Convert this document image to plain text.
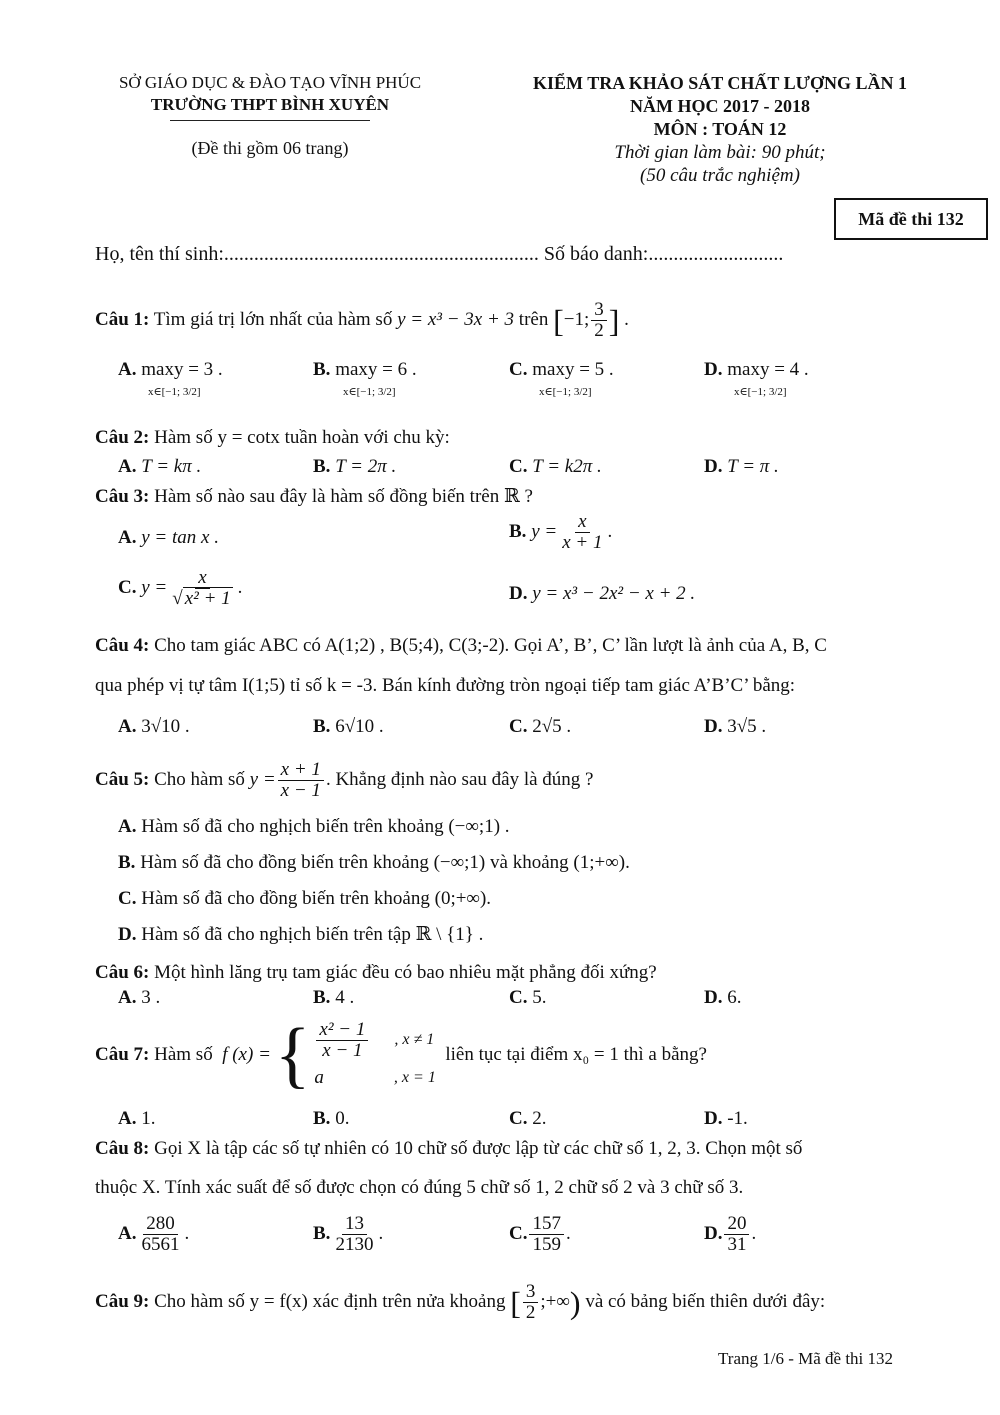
SỞ GIÁO DỤC & ĐÀO TẠO VĨNH PHÚC
TRƯỜNG THPT BÌNH XUYÊN
(Đề thi gồm 06 trang)
KIỂM TRA KHẢO SÁT CHẤT LƯỢNG LẦN 1
NĂM HỌC 2017 - 2018
MÔN : TOÁN 12
Thời gian làm bài: 90 phút;
(50 câu trắc nghiệm)
Mã đề thi 132
Họ, tên thí sinh:............................................................... Số báo danh:...........................
Câu 1: Tìm giá trị lớn nhất của hàm số y = x³ − 3x + 3 trên [−1; $\frac{3}{2}$ ] .
A. maxy = 3 .
x∈[−1; 3/2]
B. maxy = 6 .
x∈[−1; 3/2]
C. maxy = 5 .
x∈[−1; 3/2]
D. maxy = 4 .
x∈[−1; 3/2]
Câu 2: Hàm số y = cotx tuần hoàn với chu kỳ:
A. T = kπ .	B. T = 2π .	C. T = k2π .	D. T = π .
Câu 3: Hàm số nào sau đây là hàm số đồng biến trên ℝ ?
A. y = tan x .	B. $y = \frac{x}{x + 1}$ .
C. $y = \frac{x}{\text{√ x² + 1}}$ .	D. y = x³ − 2x² − x + 2 .
Câu 4: Cho tam giác ABC có A(1;2) , B(5;4), C(3;-2). Gọi A’, B’, C’ lần lượt là ảnh của A, B, C
qua phép vị tự tâm I(1;5) tỉ số k = -3. Bán kính đường tròn ngoại tiếp tam giác A’B’C’ bằng:
A. 3√10 .	B. 6√10 .	C. 2√5 .	D. 3√5 .
Câu 5: Cho hàm số $y = \frac{x + 1}{x - 1}$ . Khẳng định nào sau đây là đúng ?
A. Hàm số đã cho nghịch biến trên khoảng (−∞;1) .
B. Hàm số đã cho đồng biến trên khoảng (−∞;1) và khoảng (1;+∞).
C. Hàm số đã cho đồng biến trên khoảng (0;+∞).
D. Hàm số đã cho nghịch biến trên tập ℝ \ {1} .
Câu 6: Một hình lăng trụ tam giác đều có bao nhiêu mặt phẳng đối xứng?
A. 3 .	B. 4 .	C. 5.	D. 6.
Câu 7:
Hàm số
f (x) = { $\frac{\text{x² − 1}}{x - 1}$ , x ≠ 1
a	, x = 1

liên tục tại điểm x₀ = 1 thì a bằng?
A. 1.	B. 0.	C. 2.	D. -1.
Câu 8: Gọi X là tập các số tự nhiên có 10 chữ số được lập từ các chữ số 1, 2, 3. Chọn một số
thuộc X. Tính xác suất để số được chọn có đúng 5 chữ số 1, 2 chữ số 2 và 3 chữ số 3.
A. $\frac{280}{6561}$ .	B. $\frac{13}{2130}$ .	C. $\frac{157}{159}$ .	D. $\frac{20}{31}$ .
Câu 9: Cho hàm số y = f(x) xác định trên nửa khoảng [ $\frac{3}{2}$ ;+∞) và có bảng biến thiên dưới đây:
Trang 1/6 - Mã đề thi 132
